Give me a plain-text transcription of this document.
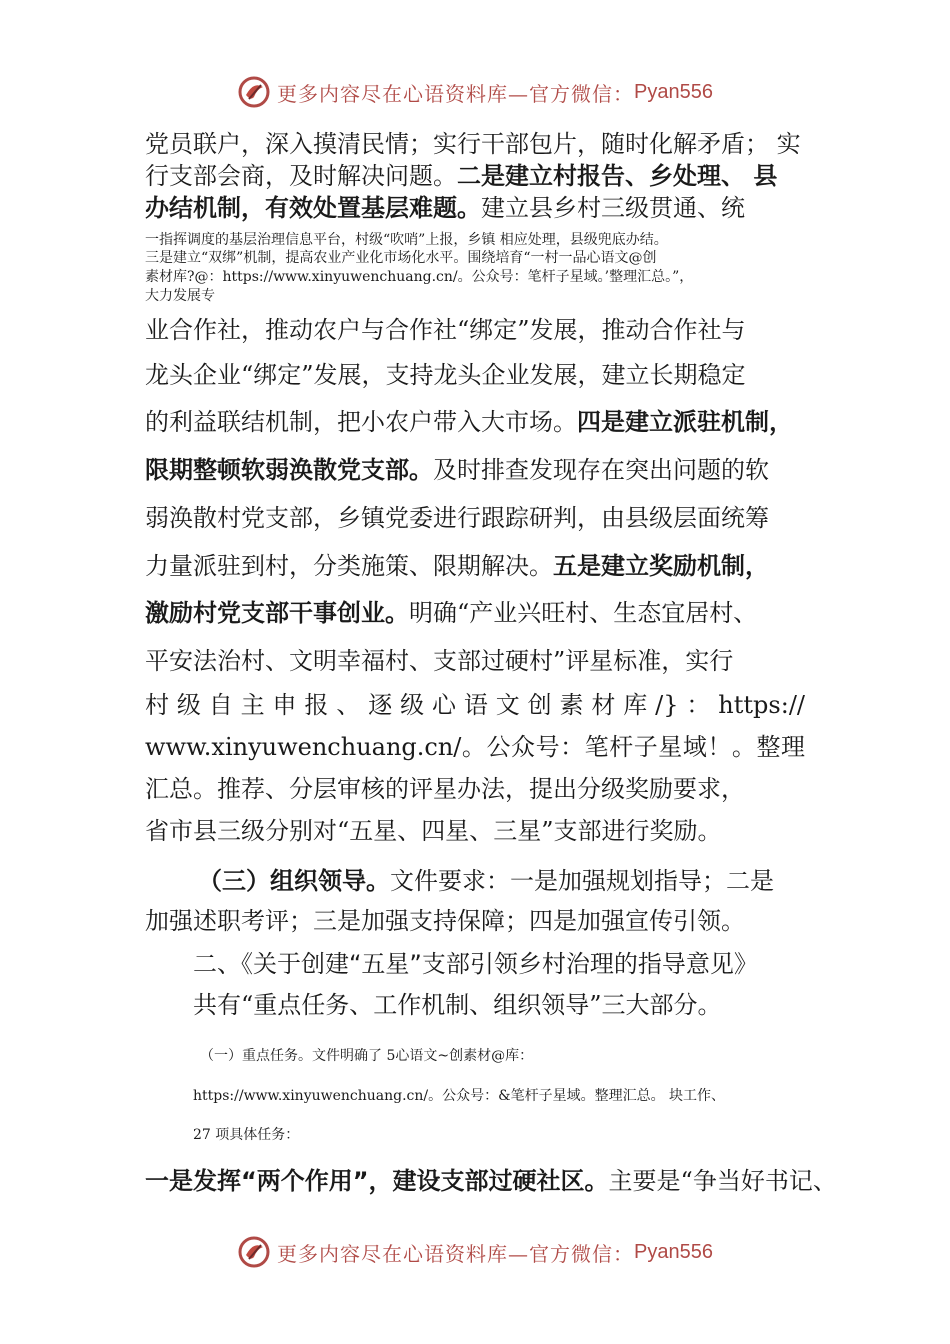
更多内容尽在心语资料库—官方微信： Pyan556
党员联户，深入摸清民情；实行干部包片，随时化解矛盾； 实
行支部会商，及时解决问题。二是建立村报告、乡处理、 县
办结机制，有效处置基层难题。建立县乡村三级贯通、统
一指挥调度的基层治理信息平台，村级“吹哨”上报，乡镇 相应处理，县级兜底办结。
三是建立“双绑”机制，提高农业产业化市场化水平。围绕培育“一村一品心语文@创
素材库?@：https://www.xinyuwenchuang.cn/。公众号：笔杆子星域。’整理汇总。”，
大力发展专
业合作社，推动农户与合作社“绑定”发展，推动合作社与
龙头企业“绑定”发展，支持龙头企业发展，建立长期稳定
的利益联结机制，把小农户带入大市场。四是建立派驻机制，
限期整顿软弱涣散党支部。及时排查发现存在突出问题的软
弱涣散村党支部，乡镇党委进行跟踪研判，由县级层面统筹
力量派驻到村，分类施策、限期解决。五是建立奖励机制，
激励村党支部干事创业。明确“产业兴旺村、生态宜居村、
平安法治村、文明幸福村、支部过硬村”评星标准，实行
村级自主申报、逐级心语文创素材库/}：https://
www.xinyuwenchuang.cn/。公众号：笔杆子星域！。整理
汇总。推荐、分层审核的评星办法，提出分级奖励要求，
省市县三级分别对“五星、四星、三星”支部进行奖励。
（三）组织领导。文件要求：一是加强规划指导；二是
加强述职考评；三是加强支持保障；四是加强宣传引领。
二、《关于创建“五星”支部引领乡村治理的指导意见》
共有“重点任务、工作机制、组织领导”三大部分。
（一）重点任务。文件明确了 5心语文~创素材@库：
https://www.xinyuwenchuang.cn/。公众号：&笔杆子星域。整理汇总。 块工作、
27 项具体任务：
一是发挥“两个作用”，建设支部过硬社区。主要是“争当好书记、
更多内容尽在心语资料库—官方微信： Pyan556
